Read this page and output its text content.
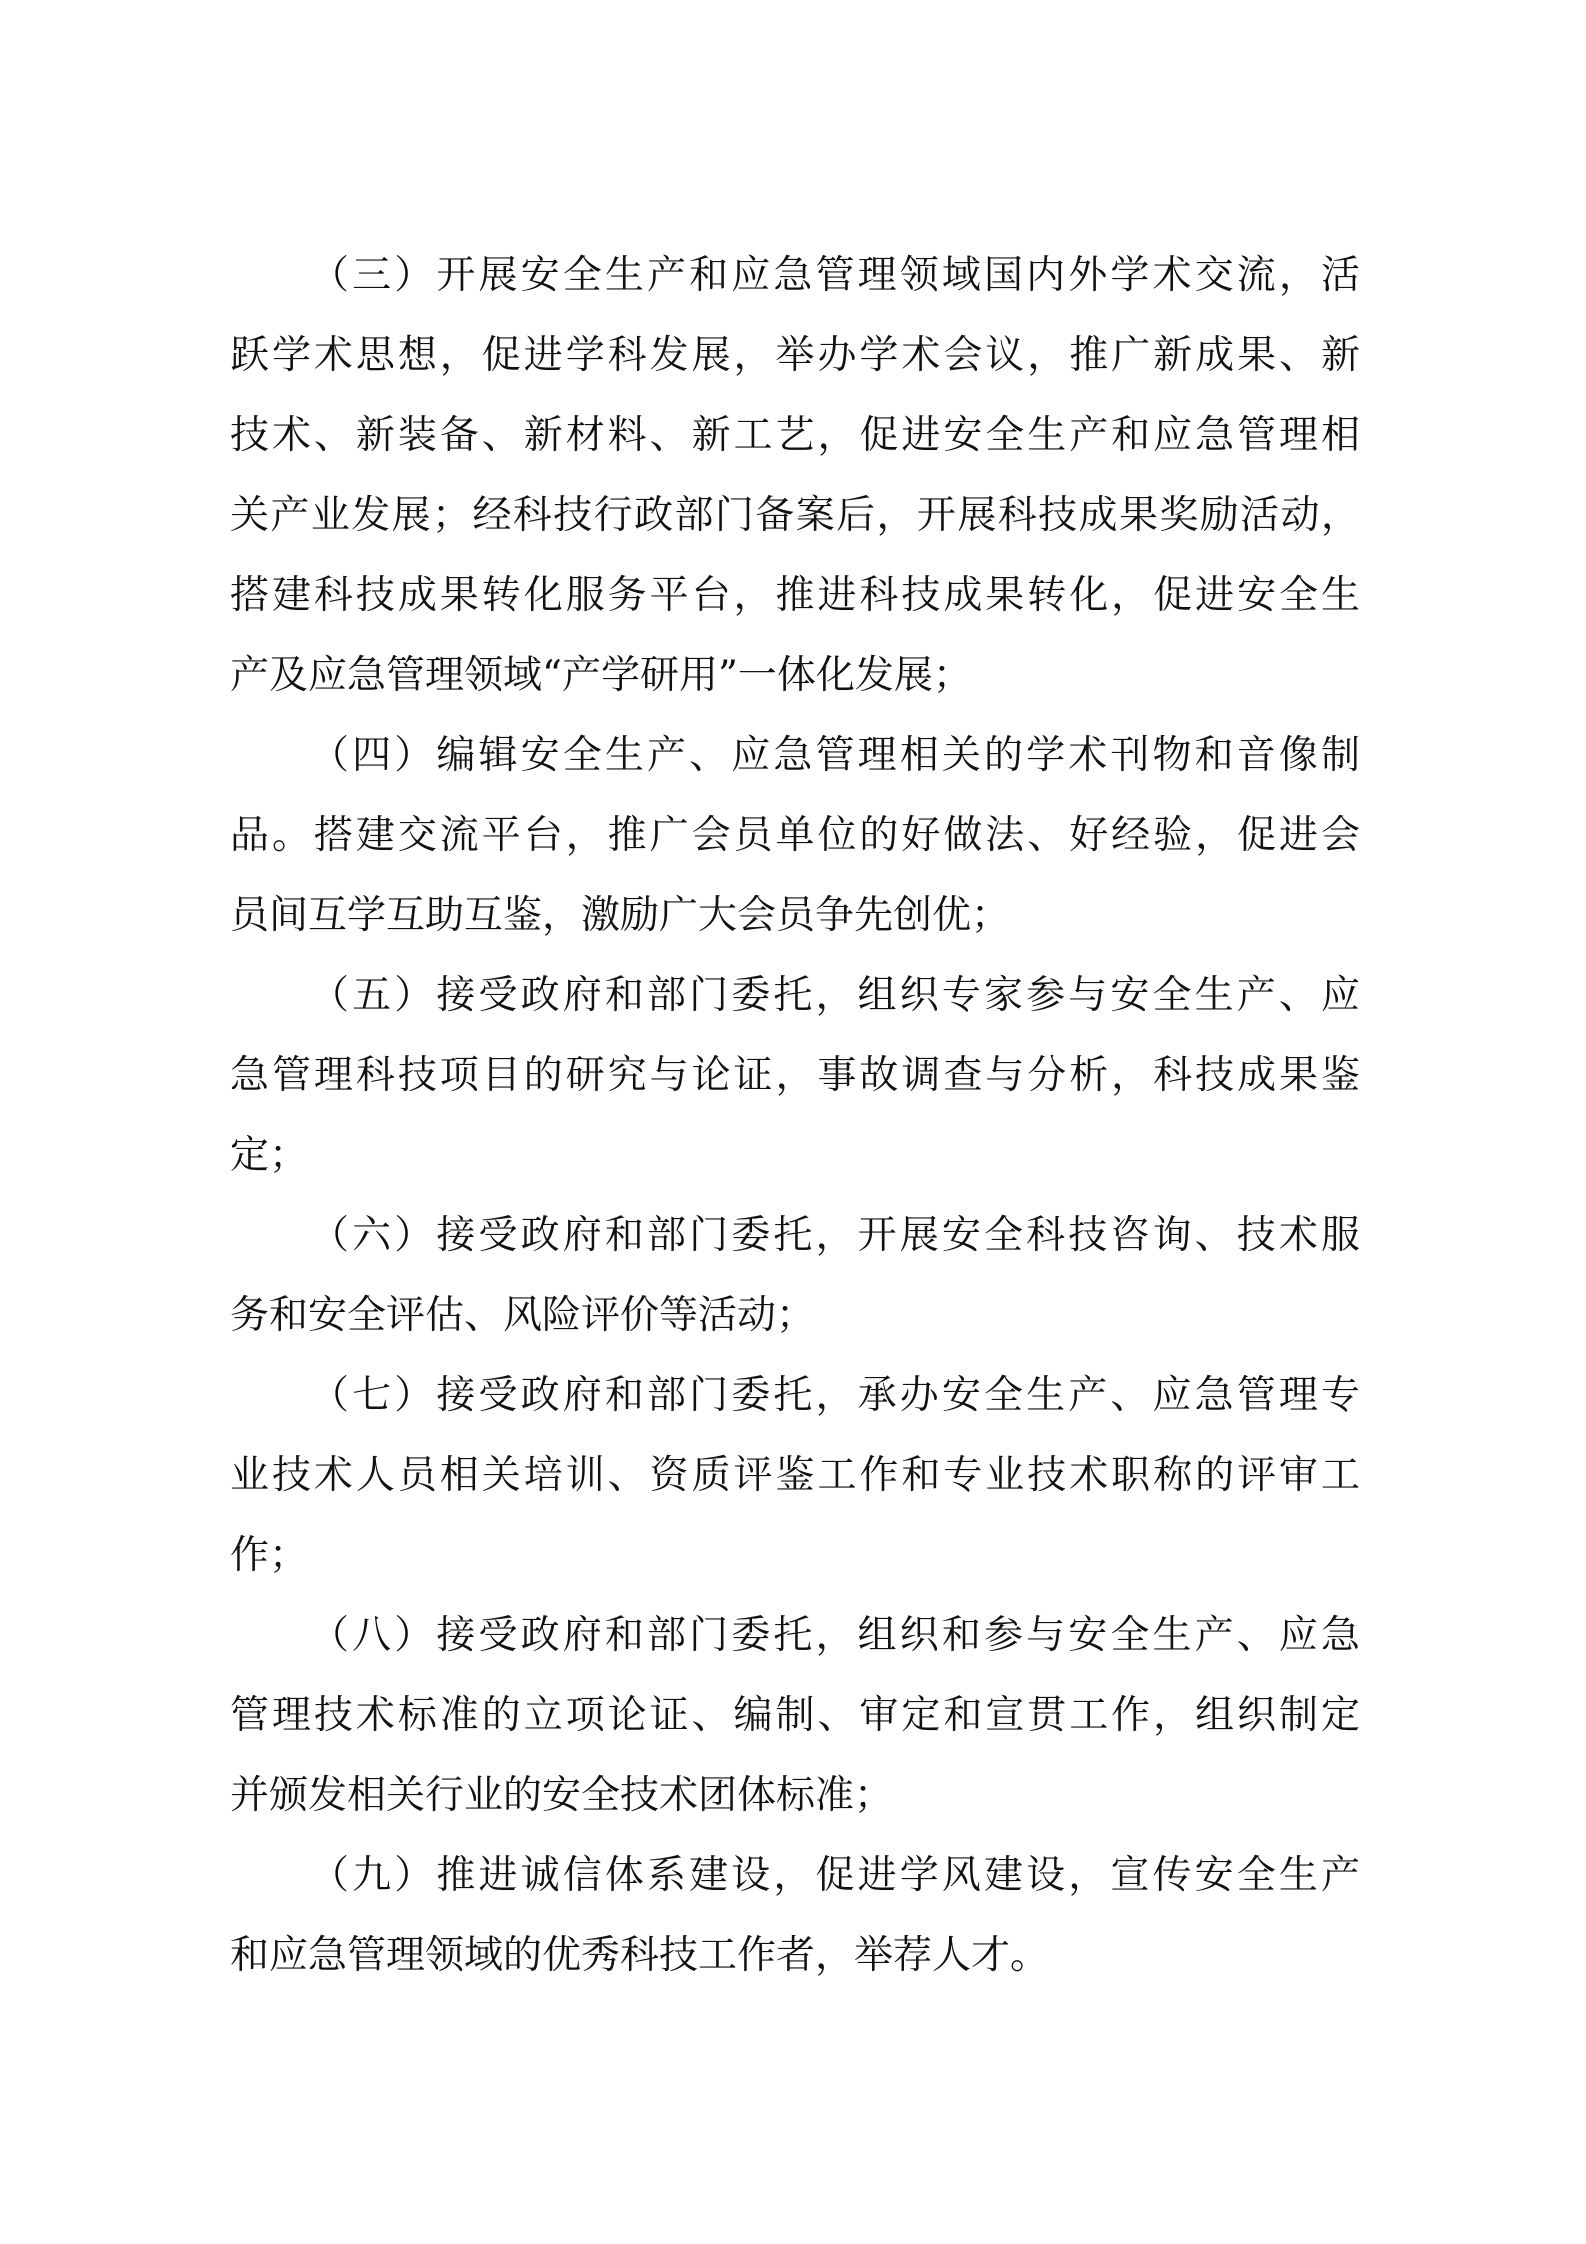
（三）开展安全生产和应急管理领域国内外学术交流，活
跃学术思想，促进学科发展，举办学术会议，推广新成果、新
技术、新装备、新材料、新工艺，促进安全生产和应急管理相
关产业发展；经科技行政部门备案后，开展科技成果奖励活动，
搭建科技成果转化服务平台，推进科技成果转化，促进安全生
产及应急管理领域“产学研用”一体化发展；
（四）编辑安全生产、应急管理相关的学术刊物和音像制
品。搭建交流平台，推广会员单位的好做法、好经验，促进会
员间互学互助互鉴，激励广大会员争先创优；
（五）接受政府和部门委托，组织专家参与安全生产、应
急管理科技项目的研究与论证，事故调查与分析，科技成果鉴
定；
（六）接受政府和部门委托，开展安全科技咨询、技术服
务和安全评估、风险评价等活动；
（七）接受政府和部门委托，承办安全生产、应急管理专
业技术人员相关培训、资质评鉴工作和专业技术职称的评审工
作；
（八）接受政府和部门委托，组织和参与安全生产、应急
管理技术标准的立项论证、编制、审定和宣贯工作，组织制定
并颁发相关行业的安全技术团体标准；
（九）推进诚信体系建设，促进学风建设，宣传安全生产
和应急管理领域的优秀科技工作者，举荐人才。
